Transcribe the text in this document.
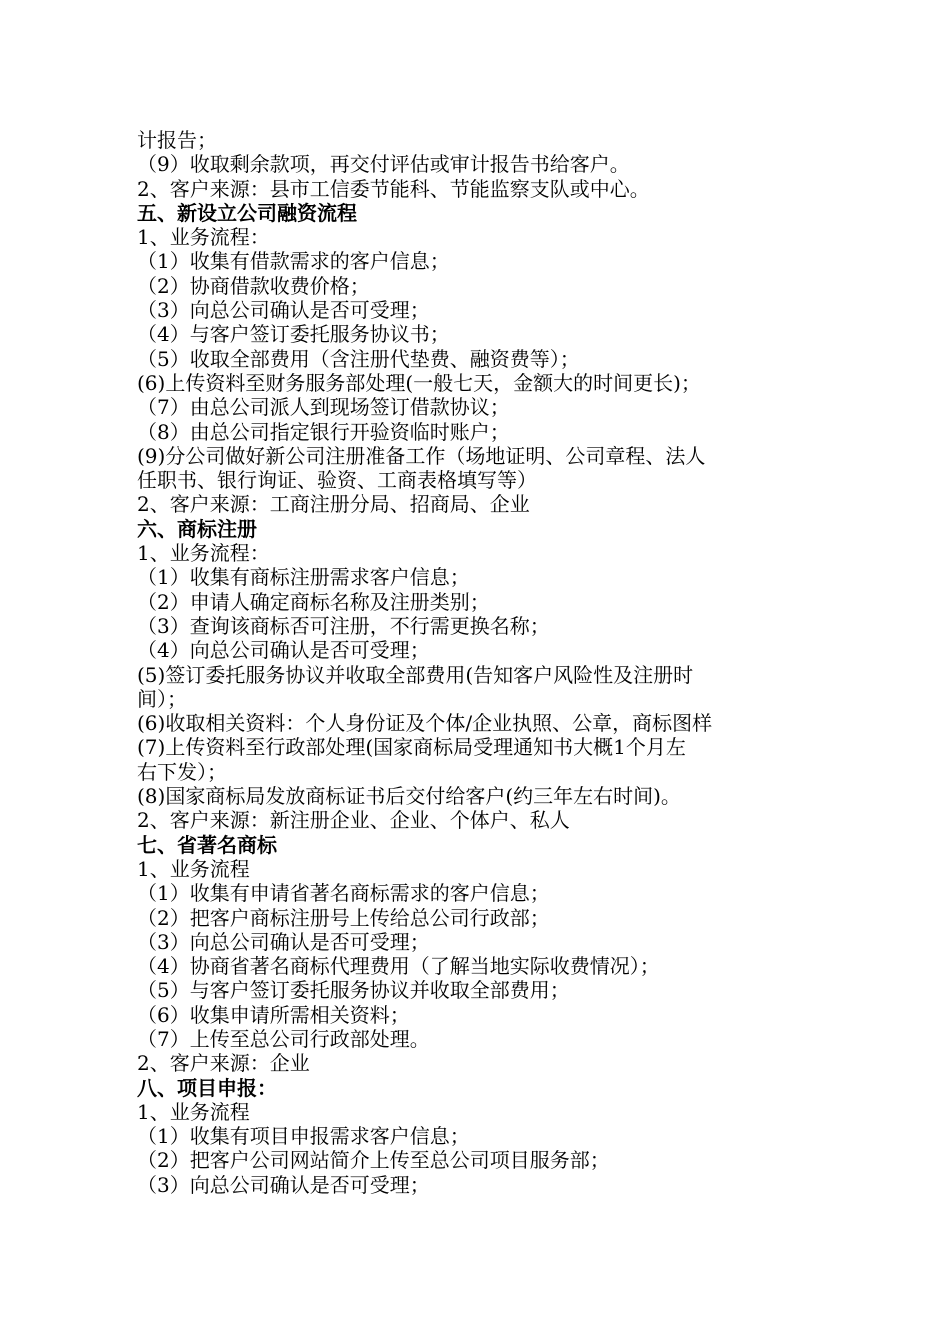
计报告；
（9）收取剩余款项，再交付评估或审计报告书给客户。
2、客户来源：县市工信委节能科、节能监察支队或中心。
五、新设立公司融资流程
1、业务流程：
（1）收集有借款需求的客户信息；
（2）协商借款收费价格；
（3）向总公司确认是否可受理；
（4）与客户签订委托服务协议书；
（5）收取全部费用（含注册代垫费、融资费等）；
(6)上传资料至财务服务部处理(一般七天，金额大的时间更长)；
（7）由总公司派人到现场签订借款协议；
（8）由总公司指定银行开验资临时账户；
(9)分公司做好新公司注册准备工作（场地证明、公司章程、法人
任职书、银行询证、验资、工商表格填写等）
2、客户来源：工商注册分局、招商局、企业
六、商标注册
1、业务流程：
（1）收集有商标注册需求客户信息；
（2）申请人确定商标名称及注册类别；
（3）查询该商标否可注册，不行需更换名称；
（4）向总公司确认是否可受理；
(5)签订委托服务协议并收取全部费用(告知客户风险性及注册时
间）；
(6)收取相关资料：个人身份证及个体/企业执照、公章，商标图样
(7)上传资料至行政部处理(国家商标局受理通知书大概1个月左
右下发）；
(8)国家商标局发放商标证书后交付给客户(约三年左右时间)。
2、客户来源：新注册企业、企业、个体户、私人
七、省著名商标
1、业务流程
（1）收集有申请省著名商标需求的客户信息；
（2）把客户商标注册号上传给总公司行政部；
（3）向总公司确认是否可受理；
（4）协商省著名商标代理费用（了解当地实际收费情况）；
（5）与客户签订委托服务协议并收取全部费用；
（6）收集申请所需相关资料；
（7）上传至总公司行政部处理。
2、客户来源：企业
八、项目申报：
1、业务流程
（1）收集有项目申报需求客户信息；
（2）把客户公司网站简介上传至总公司项目服务部；
（3）向总公司确认是否可受理；
